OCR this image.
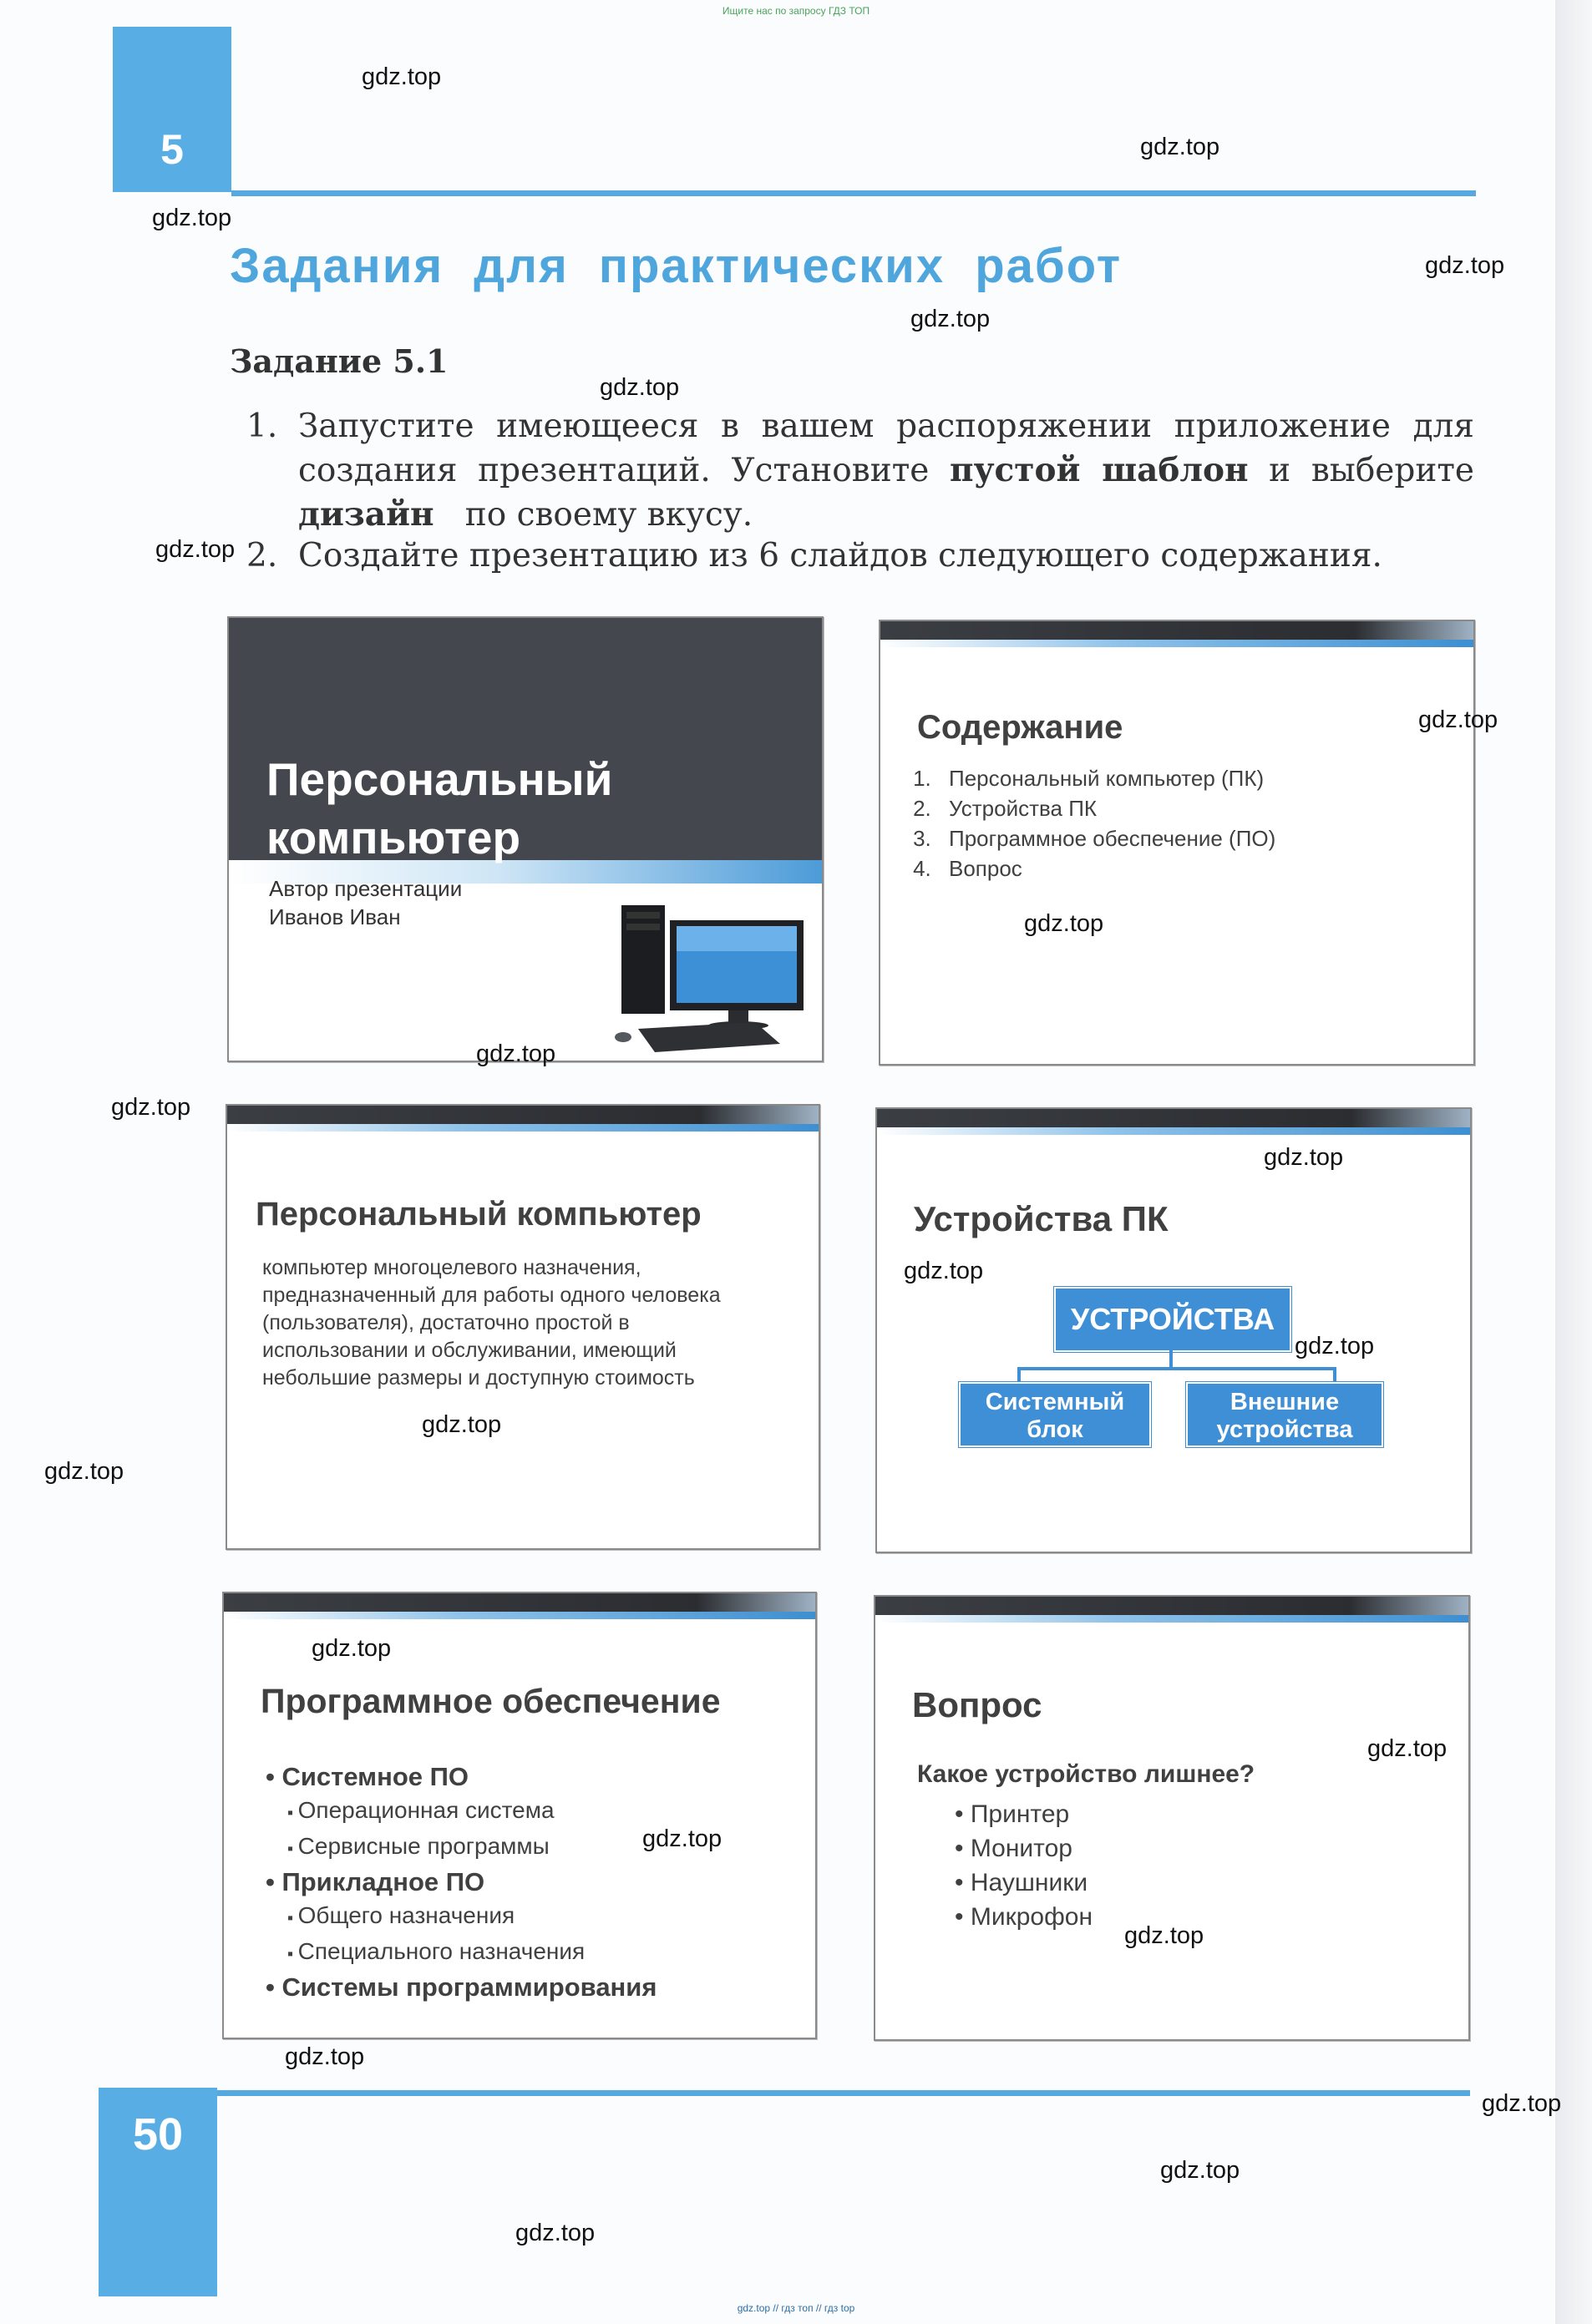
Ищите нас по запросу ГДЗ ТОП
5
Задания для практических работ
Задание 5.1
1. Запустите имеющееся в вашем распоряжении приложение для
создания презентаций. Установите пустой шаблон и выберите
дизайн по своему вкусу.
2. Создайте презентацию из 6 слайдов следующего содержания.
Персональный
компьютер
Автор презентации
Иванов Иван
Содержание
1. Персональный компьютер (ПК)
2. Устройства ПК
3. Программное обеспечение (ПО)
4. Вопрос
Персональный компьютер
компьютер многоцелевого назначения,
предназначенный для работы одного человека
(пользователя), достаточно простой в
использовании и обслуживании, имеющий
небольшие размеры и доступную стоимость
Устройства ПК
УСТРОЙСТВА
Системный
блок
Внешние
устройства
Программное обеспечение
• Системное ПО
▪ Операционная система
▪ Сервисные программы
• Прикладное ПО
▪ Общего назначения
▪ Специального назначения
• Системы программирования
Вопрос
Какое устройство лишнее?
• Принтер
• Монитор
• Наушники
• Микрофон
50
gdz.top
gdz.top
gdz.top
gdz.top
gdz.top
gdz.top
gdz.top
gdz.top
gdz.top
gdz.top
gdz.top
gdz.top
gdz.top
gdz.top
gdz.top
gdz.top
gdz.top
gdz.top
gdz.top
gdz.top
gdz.top
gdz.top
gdz.top
gdz.top
gdz.top // гдз топ // гдз top
